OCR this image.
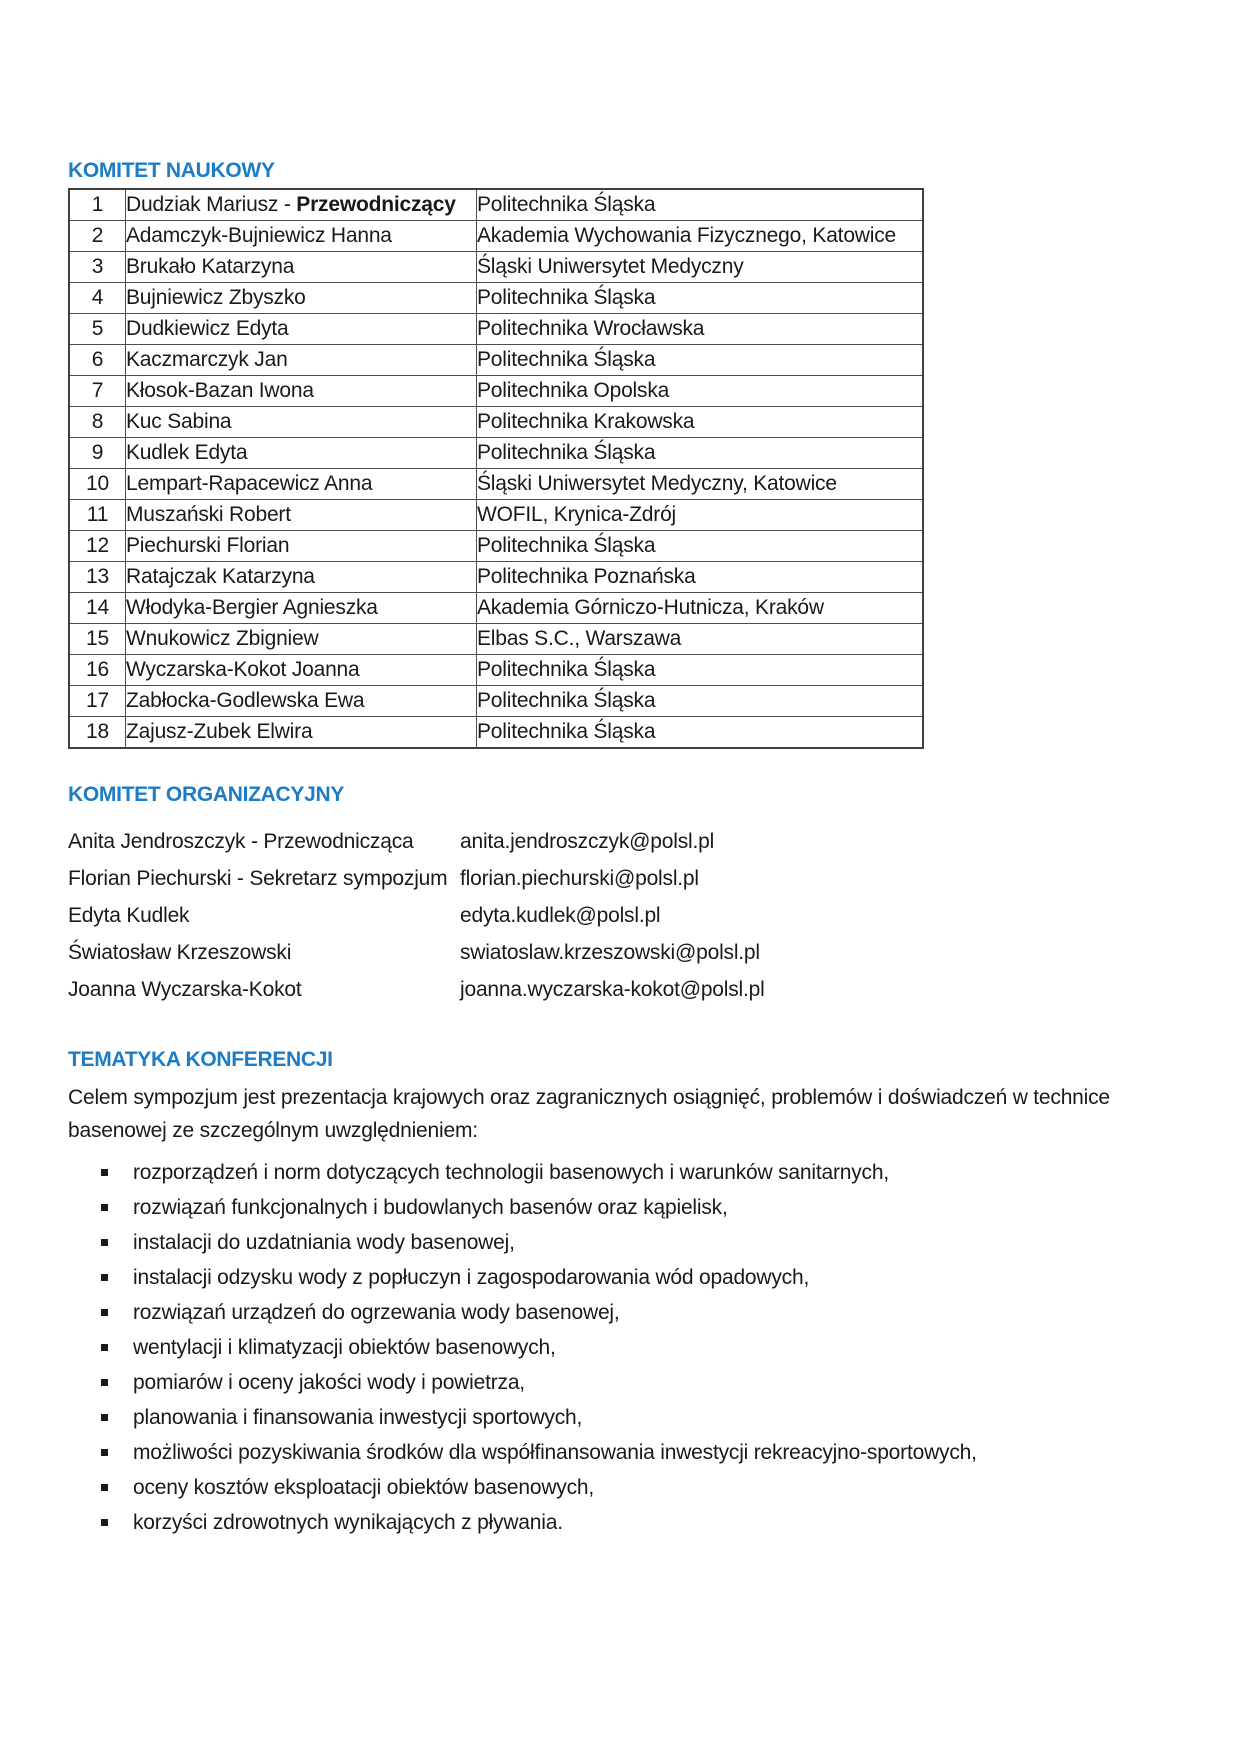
KOMITET NAUKOWY
1	Dudziak Mariusz - Przewodniczący	Politechnika Śląska
2	Adamczyk-Bujniewicz Hanna	Akademia Wychowania Fizycznego, Katowice
3	Brukało Katarzyna	Śląski Uniwersytet Medyczny
4	Bujniewicz Zbyszko	Politechnika Śląska
5	Dudkiewicz Edyta	Politechnika Wrocławska
6	Kaczmarczyk Jan	Politechnika Śląska
7	Kłosok-Bazan Iwona	Politechnika Opolska
8	Kuc Sabina	Politechnika Krakowska
9	Kudlek Edyta	Politechnika Śląska
10	Lempart-Rapacewicz Anna	Śląski Uniwersytet Medyczny, Katowice
11	Muszański Robert	WOFIL, Krynica-Zdrój
12	Piechurski Florian	Politechnika Śląska
13	Ratajczak Katarzyna	Politechnika Poznańska
14	Włodyka-Bergier Agnieszka	Akademia Górniczo-Hutnicza, Kraków
15	Wnukowicz Zbigniew	Elbas S.C., Warszawa
16	Wyczarska-Kokot Joanna	Politechnika Śląska
17	Zabłocka-Godlewska Ewa	Politechnika Śląska
18	Zajusz-Zubek Elwira	Politechnika Śląska
KOMITET ORGANIZACYJNY
Anita Jendroszczyk - Przewodnicząca	anita.jendroszczyk@polsl.pl
Florian Piechurski - Sekretarz sympozjum florian.piechurski@polsl.pl
Edyta Kudlek	edyta.kudlek@polsl.pl
Światosław Krzeszowski	swiatoslaw.krzeszowski@polsl.pl
Joanna Wyczarska-Kokot	joanna.wyczarska-kokot@polsl.pl
TEMATYKA KONFERENCJI

Celem sympozjum jest prezentacja krajowych oraz zagranicznych osiągnięć, problemów i doświadczeń w technice basenowej ze szczególnym uwzględnieniem:

rozporządzeń i norm dotyczących technologii basenowych i warunków sanitarnych,
rozwiązań funkcjonalnych i budowlanych basenów oraz kąpielisk,
instalacji do uzdatniania wody basenowej,
instalacji odzysku wody z popłuczyn i zagospodarowania wód opadowych,
rozwiązań urządzeń do ogrzewania wody basenowej,
wentylacji i klimatyzacji obiektów basenowych,
pomiarów i oceny jakości wody i powietrza,
planowania i finansowania inwestycji sportowych,
możliwości pozyskiwania środków dla współfinansowania inwestycji rekreacyjno-sportowych,
oceny kosztów eksploatacji obiektów basenowych,
korzyści zdrowotnych wynikających z pływania.
